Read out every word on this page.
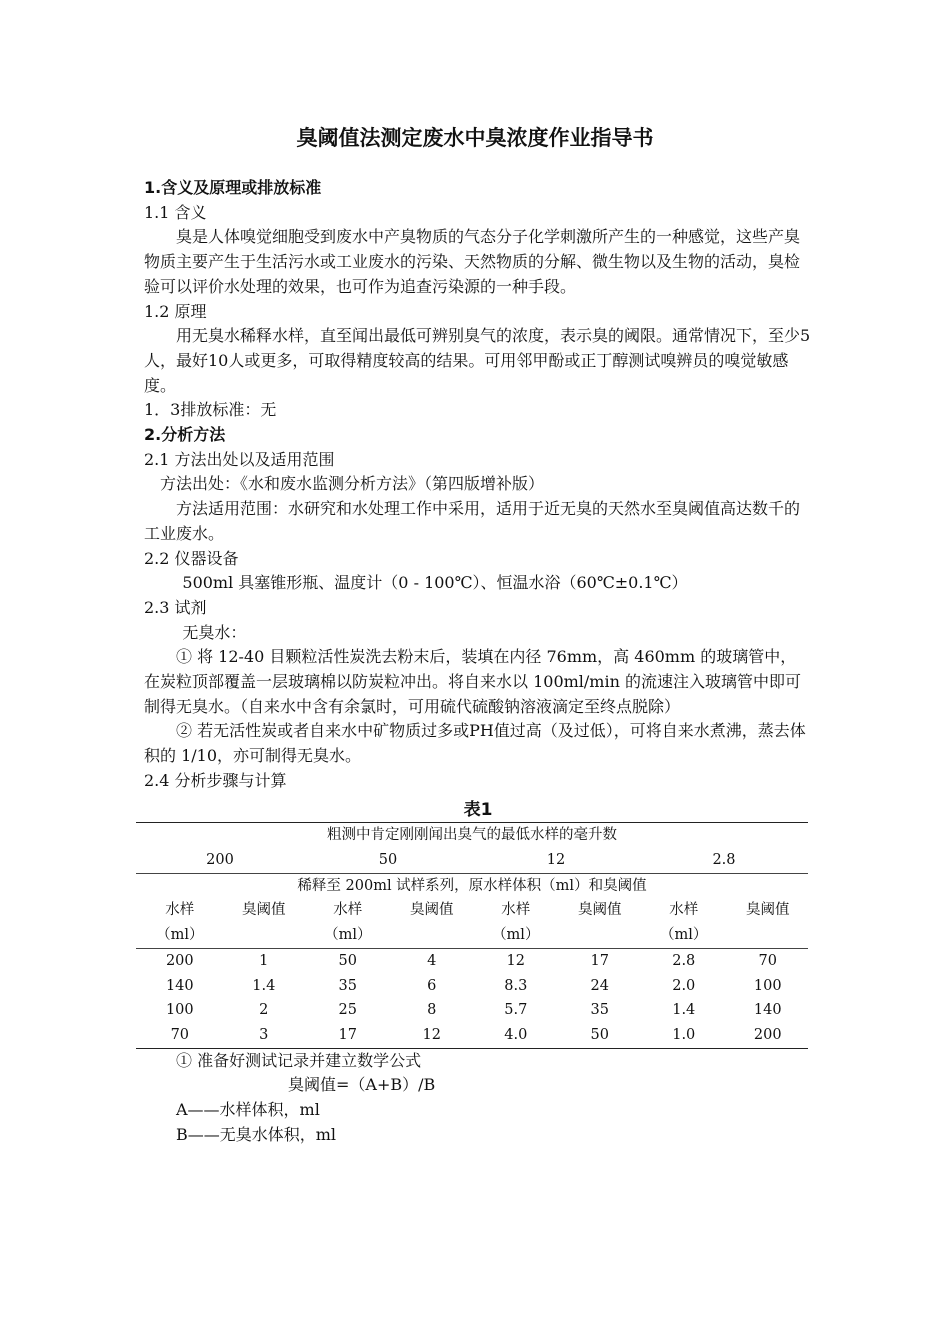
臭阈值法测定废水中臭浓度作业指导书

1.含义及原理或排放标准

1.1 含义

臭是人体嗅觉细胞受到废水中产臭物质的气态分子化学刺激所产生的一种感觉，这些产臭物质主要产生于生活污水或工业废水的污染、天然物质的分解、微生物以及生物的活动，臭检验可以评价水处理的效果，也可作为追查污染源的一种手段。

1.2 原理

用无臭水稀释水样，直至闻出最低可辨别臭气的浓度，表示臭的阈限。通常情况下，至少5人，最好10人或更多，可取得精度较高的结果。可用邻甲酚或正丁醇测试嗅辨员的嗅觉敏感度。

1．3排放标准：无

2.分析方法

2.1 方法出处以及适用范围

方法出处：《水和废水监测分析方法》（第四版增补版）

方法适用范围：水研究和水处理工作中采用，适用于近无臭的天然水至臭阈值高达数千的工业废水。

2.2 仪器设备

500ml 具塞锥形瓶、温度计（0 - 100℃）、恒温水浴（60℃±0.1℃）

2.3 试剂

无臭水：

① 将 12-40 目颗粒活性炭洗去粉末后，装填在内径 76mm，高 460mm 的玻璃管中，在炭粒顶部覆盖一层玻璃棉以防炭粒冲出。将自来水以 100ml/min 的流速注入玻璃管中即可制得无臭水。（自来水中含有余氯时，可用硫代硫酸钠溶液滴定至终点脱除）

② 若无活性炭或者自来水中矿物质过多或PH值过高（及过低），可将自来水煮沸，蒸去体积的 1/10，亦可制得无臭水。

2.4 分析步骤与计算

表1
粗测中肯定刚刚闻出臭气的最低水样的毫升数							
200		50		12		2.8	
稀释至 200ml 试样系列，原水样体积（ml）和臭阈值							
水样	臭阈值	水样	臭阈值	水样	臭阈值	水样	臭阈值
（ml）		（ml）		（ml）		（ml）	
200	1	50	4	12	17	2.8	70
140	1.4	35	6	8.3	24	2.0	100
100	2	25	8	5.7	35	1.4	140
70	3	17	12	4.0	50	1.0	200

① 准备好测试记录并建立数学公式

臭阈值=（A+B）/B

A——水样体积，ml

B——无臭水体积，ml
